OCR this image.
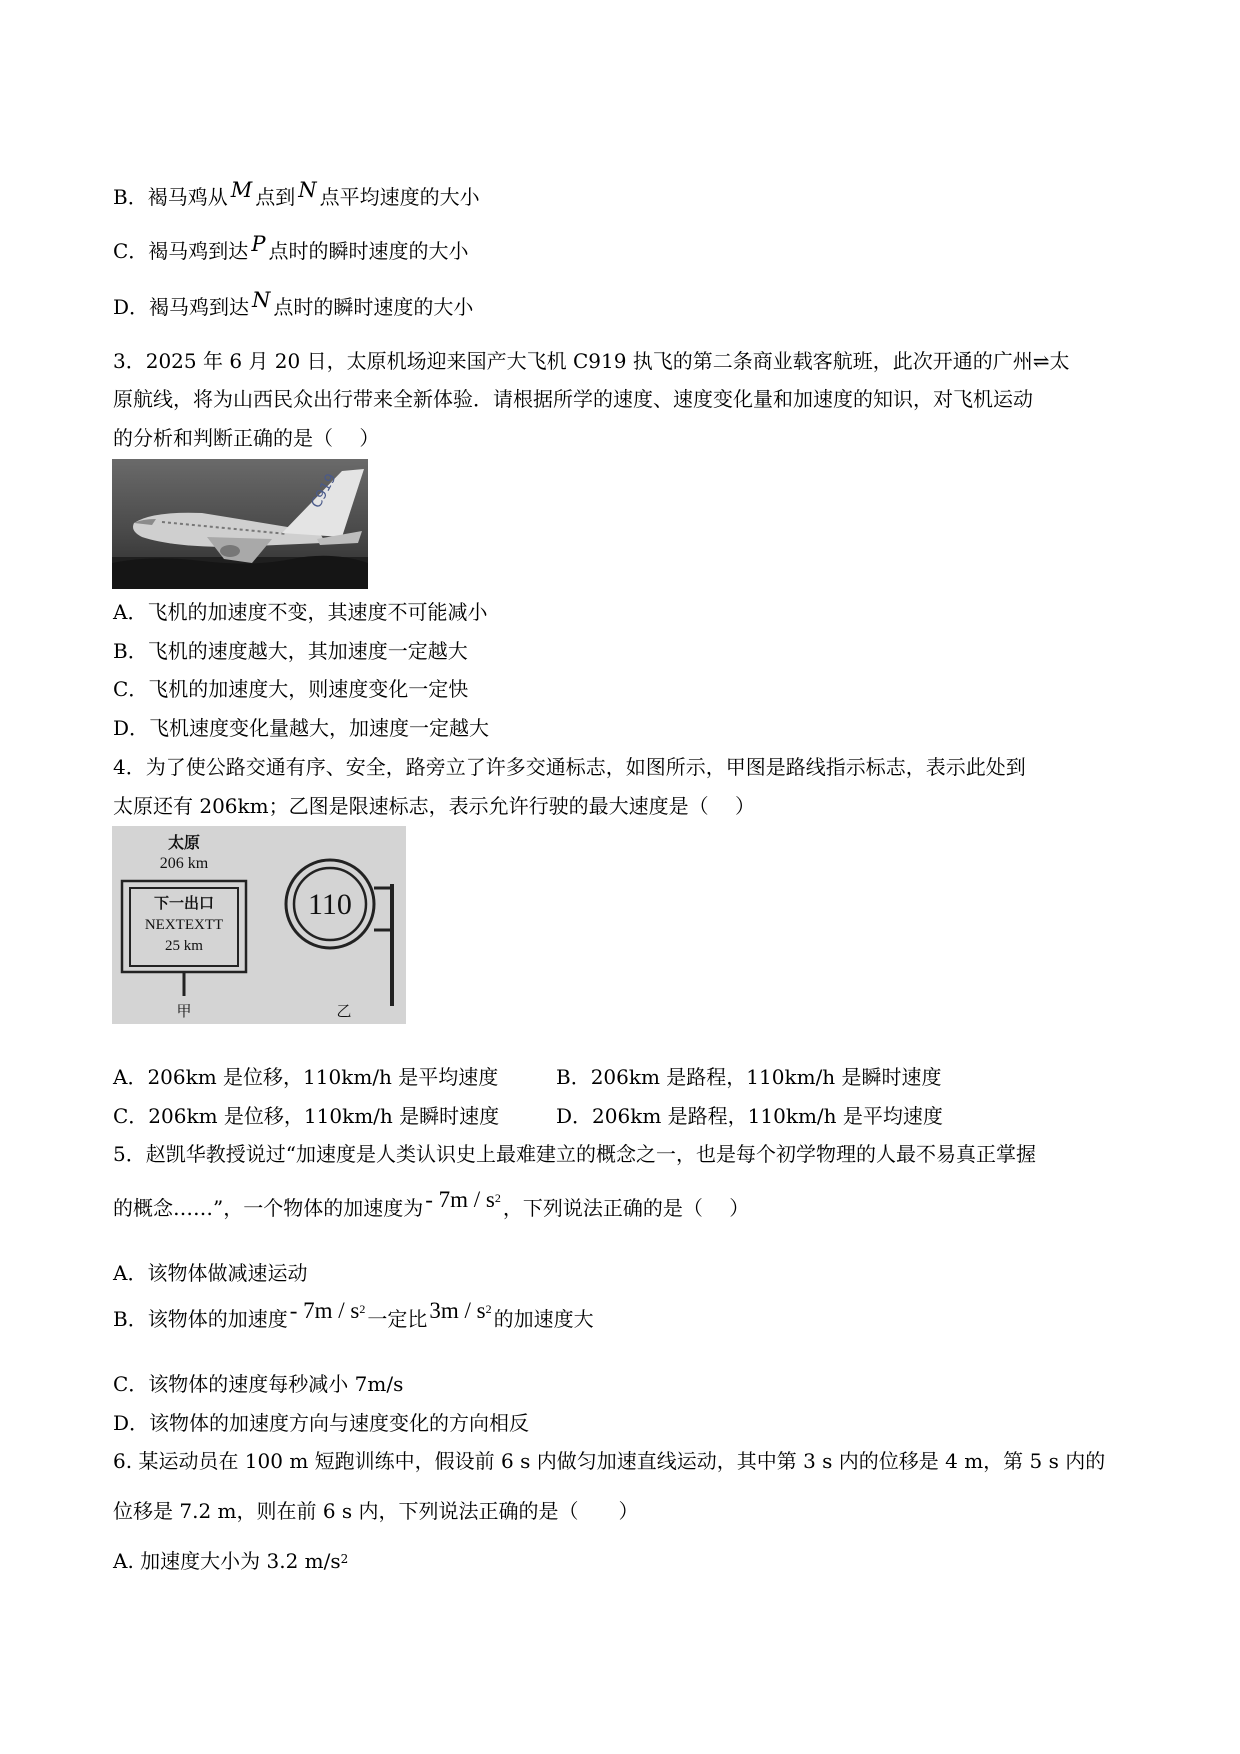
B．褐马鸡从 M 点到 N 点平均速度的大小
C．褐马鸡到达 P 点时的瞬时速度的大小
D．褐马鸡到达 N 点时的瞬时速度的大小
3．2025 年 6 月 20 日，太原机场迎来国产大飞机 C919 执飞的第二条商业载客航班，此次开通的广州⇌太
原航线，将为山西民众出行带来全新体验．请根据所学的速度、速度变化量和加速度的知识，对飞机运动
的分析和判断正确的是（　 ）
C919
A．飞机的加速度不变，其速度不可能减小
B．飞机的速度越大，其加速度一定越大
C．飞机的加速度大，则速度变化一定快
D．飞机速度变化量越大，加速度一定越大
4．为了使公路交通有序、安全，路旁立了许多交通标志，如图所示，甲图是路线指示标志，表示此处到
太原还有 206km；乙图是限速标志，表示允许行驶的最大速度是（　 ）
太原
206 km
下一出口
NEXTEXTT
25 km
甲
110
乙
A．206km 是位移，110km/h 是平均速度	B．206km 是路程，110km/h 是瞬时速度
C．206km 是位移，110km/h 是瞬时速度	D．206km 是路程，110km/h 是平均速度
5．赵凯华教授说过“加速度是人类认识史上最难建立的概念之一，也是每个初学物理的人最不易真正掌握
的概念……”，一个物体的加速度为- $7m / s^2$ ，下列说法正确的是（　 ）
A．该物体做减速运动
B．该物体的加速度- $7m / s^2$ 一定比$3m / s^2$ 的加速度大
C．该物体的速度每秒减小 7m/s
D．该物体的加速度方向与速度变化的方向相反
6. 某运动员在 100 m 短跑训练中，假设前 6 s 内做匀加速直线运动，其中第 3 s 内的位移是 4 m，第 5 s 内的
位移是 7.2 m，则在前 6 s 内，下列说法正确的是（　　）
A. 加速度大小为 3.2 $m/s^2$
